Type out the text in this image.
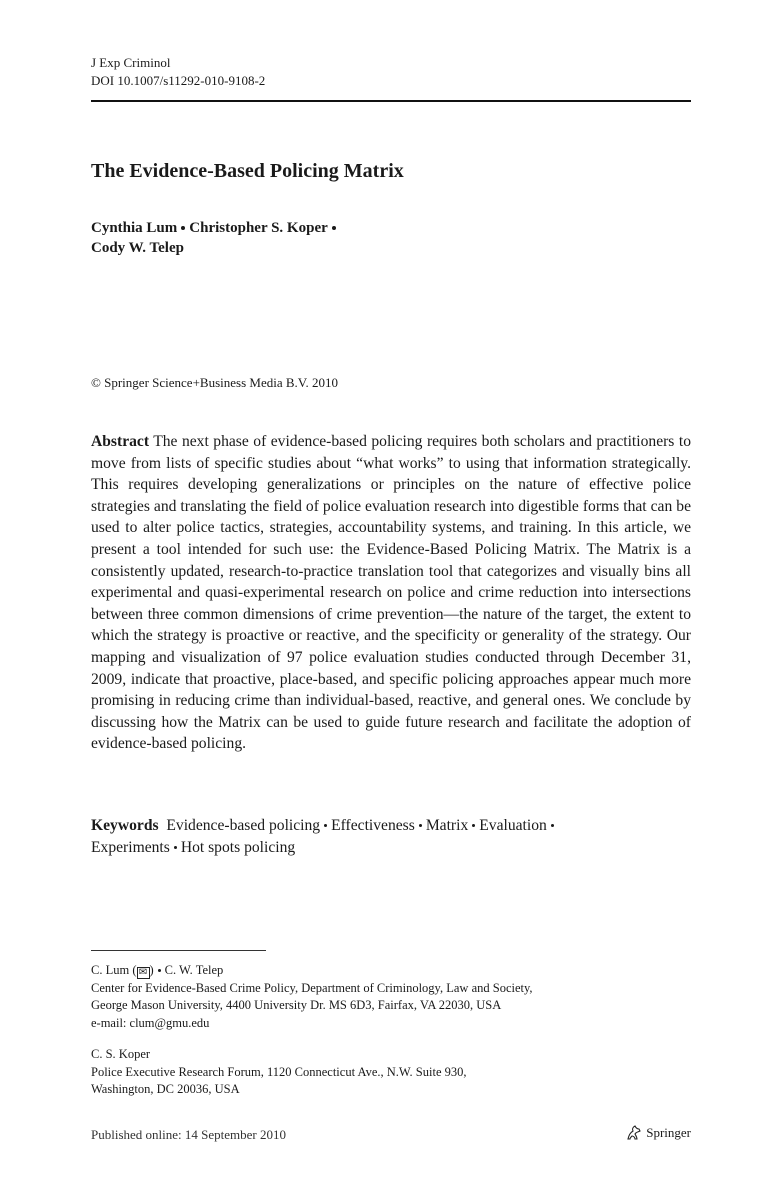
J Exp Criminol
DOI 10.1007/s11292-010-9108-2
The Evidence-Based Policing Matrix
Cynthia Lum Christopher S. Koper
Cody W. Telep
© Springer Science+Business Media B.V. 2010
Abstract The next phase of evidence-based policing requires both scholars and practitioners to move from lists of specific studies about “what works” to using that information strategically. This requires developing generalizations or principles on the nature of effective police strategies and translating the field of police evaluation research into digestible forms that can be used to alter police tactics, strategies, accountability systems, and training. In this article, we present a tool intended for such use: the Evidence-Based Policing Matrix. The Matrix is a consistently updated, research-to-practice translation tool that categorizes and visually bins all experimental and quasi-experimental research on police and crime reduction into intersections between three common dimensions of crime prevention—the nature of the target, the extent to which the strategy is proactive or reactive, and the specificity or generality of the strategy. Our mapping and visualization of 97 police evaluation studies conducted through December 31, 2009, indicate that proactive, place-based, and specific policing approaches appear much more promising in reducing crime than individual-based, reactive, and general ones. We conclude by discussing how the Matrix can be used to guide future research and facilitate the adoption of evidence-based policing.
Keywords Evidence-based policing Effectiveness Matrix Evaluation
Experiments Hot spots policing
C. Lum ( ✉ ) C. W. Telep
Center for Evidence-Based Crime Policy, Department of Criminology, Law and Society,
George Mason University, 4400 University Dr. MS 6D3, Fairfax, VA 22030, USA
e-mail: clum@gmu.edu
C. S. Koper
Police Executive Research Forum, 1120 Connecticut Ave., N.W. Suite 930,
Washington, DC 20036, USA
Published online: 14 September 2010	Springer
